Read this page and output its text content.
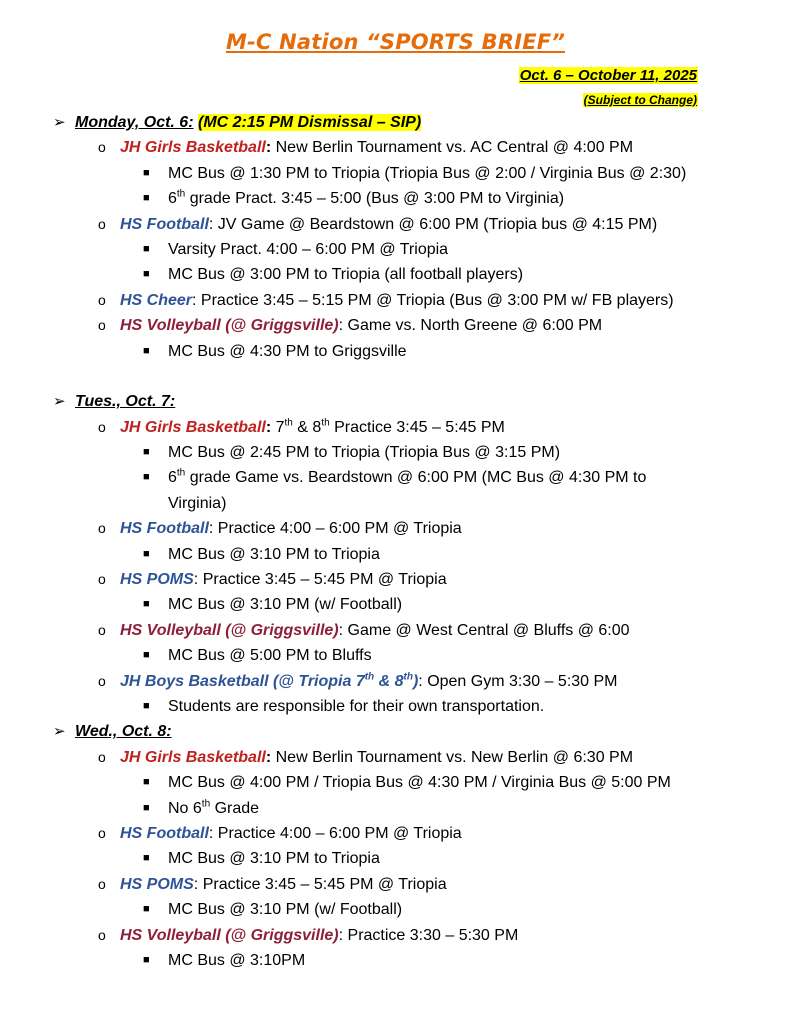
M-C Nation “SPORTS BRIEF”
Oct. 6 – October 11, 2025
(Subject to Change)
➢ Monday, Oct. 6: (MC 2:15 PM Dismissal – SIP)
o JH Girls Basketball: New Berlin Tournament vs. AC Central @ 4:00 PM
■ MC Bus @ 1:30 PM to Triopia (Triopia Bus @ 2:00 / Virginia Bus @ 2:30)
■ 6th grade Pract. 3:45 – 5:00 (Bus @ 3:00 PM to Virginia)
o HS Football: JV Game @ Beardstown @ 6:00 PM (Triopia bus @ 4:15 PM)
■ Varsity Pract. 4:00 – 6:00 PM @ Triopia
■ MC Bus @ 3:00 PM to Triopia (all football players)
o HS Cheer: Practice 3:45 – 5:15 PM @ Triopia (Bus @ 3:00 PM w/ FB players)
o HS Volleyball (@ Griggsville): Game vs. North Greene @ 6:00 PM
■ MC Bus @ 4:30 PM to Griggsville
➢ Tues., Oct. 7:
o JH Girls Basketball: 7th & 8th Practice 3:45 – 5:45 PM
■ MC Bus @ 2:45 PM to Triopia (Triopia Bus @ 3:15 PM)
■ 6th grade Game vs. Beardstown @ 6:00 PM (MC Bus @ 4:30 PM to Virginia)
o HS Football: Practice 4:00 – 6:00 PM @ Triopia
■ MC Bus @ 3:10 PM to Triopia
o HS POMS: Practice 3:45 – 5:45 PM @ Triopia
■ MC Bus @ 3:10 PM (w/ Football)
o HS Volleyball (@ Griggsville): Game @ West Central @ Bluffs @ 6:00
■ MC Bus @ 5:00 PM to Bluffs
o JH Boys Basketball (@ Triopia 7th & 8th): Open Gym 3:30 – 5:30 PM
■ Students are responsible for their own transportation.
➢ Wed., Oct. 8:
o JH Girls Basketball: New Berlin Tournament vs. New Berlin @ 6:30 PM
■ MC Bus @ 4:00 PM / Triopia Bus @ 4:30 PM / Virginia Bus @ 5:00 PM
■ No 6th Grade
o HS Football: Practice 4:00 – 6:00 PM @ Triopia
■ MC Bus @ 3:10 PM to Triopia
o HS POMS: Practice 3:45 – 5:45 PM @ Triopia
■ MC Bus @ 3:10 PM (w/ Football)
o HS Volleyball (@ Griggsville): Practice 3:30 – 5:30 PM
■ MC Bus @ 3:10PM
